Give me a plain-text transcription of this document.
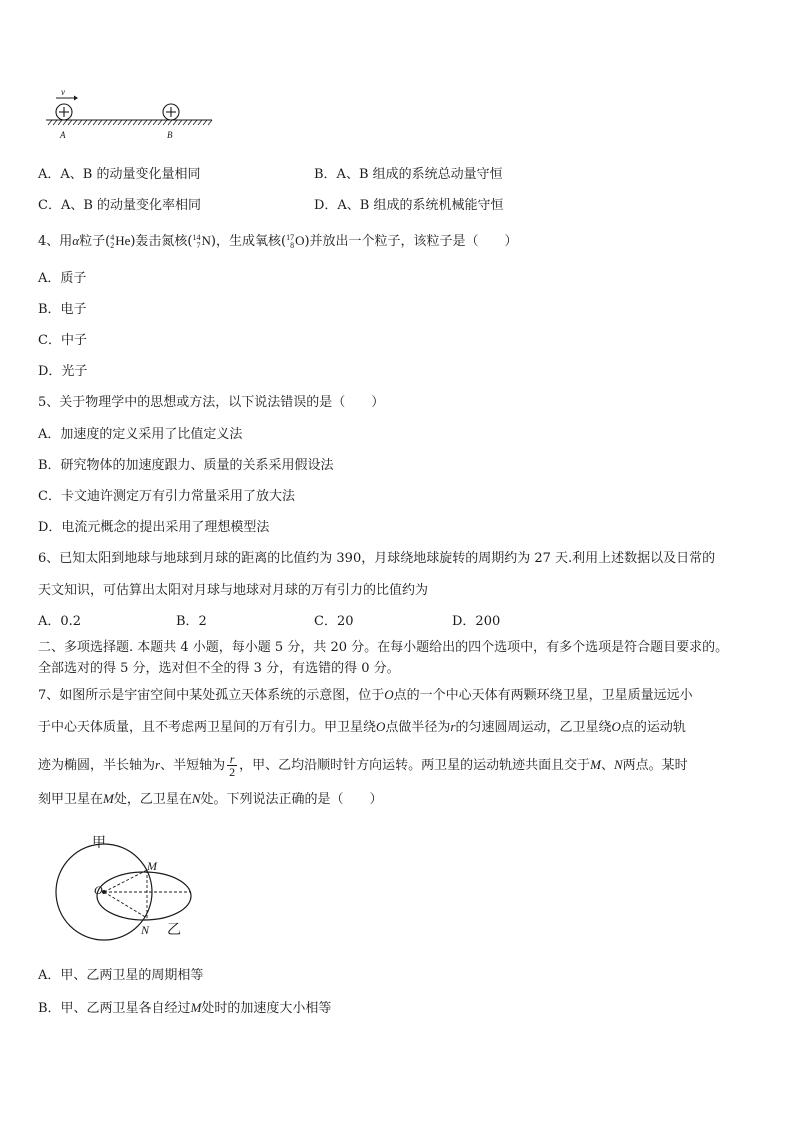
v
A	B
A．A、B 的动量变化量相同	B．A、B 组成的系统总动量守恒
C．A、B 的动量变化率相同	D．A、B 组成的系统机械能守恒
4、用α粒子(4
2He)轰击氮核(14
7N)，生成氧核(17
8O)并放出一个粒子，该粒子是（　　）
A．质子
B．电子
C．中子
D．光子
5、关于物理学中的思想或方法，以下说法错误的是（　　）
A．加速度的定义采用了比值定义法
B．研究物体的加速度跟力、质量的关系采用假设法
C．卡文迪许测定万有引力常量采用了放大法
D．电流元概念的提出采用了理想模型法
6、已知太阳到地球与地球到月球的距离的比值约为 390，月球绕地球旋转的周期约为 27 天.利用上述数据以及日常的
天文知识，可估算出太阳对月球与地球对月球的万有引力的比值约为
A．0.2	B．2	C．20	D．200
二、多项选择题. 本题共 4 小题，每小题 5 分，共 20 分。在每小题给出的四个选项中，有多个选项是符合题目要求的。
全部选对的得 5 分，选对但不全的得 3 分，有选错的得 0 分。
7、如图所示是宇宙空间中某处孤立天体系统的示意图，位于O点的一个中心天体有两颗环绕卫星，卫星质量远远小
于中心天体质量，且不考虑两卫星间的万有引力。甲卫星绕O点做半径为r的匀速圆周运动，乙卫星绕O点的运动轨
迹为椭圆，半长轴为r、半短轴为 $\frac{r}{2}$ ，甲、乙均沿顺时针方向运转。两卫星的运动轨迹共面且交于M、N两点。某时
刻甲卫星在M处，乙卫星在N处。下列说法正确的是（　　）
甲
M
O
N 乙
A．甲、乙两卫星的周期相等
B．甲、乙两卫星各自经过M处时的加速度大小相等
